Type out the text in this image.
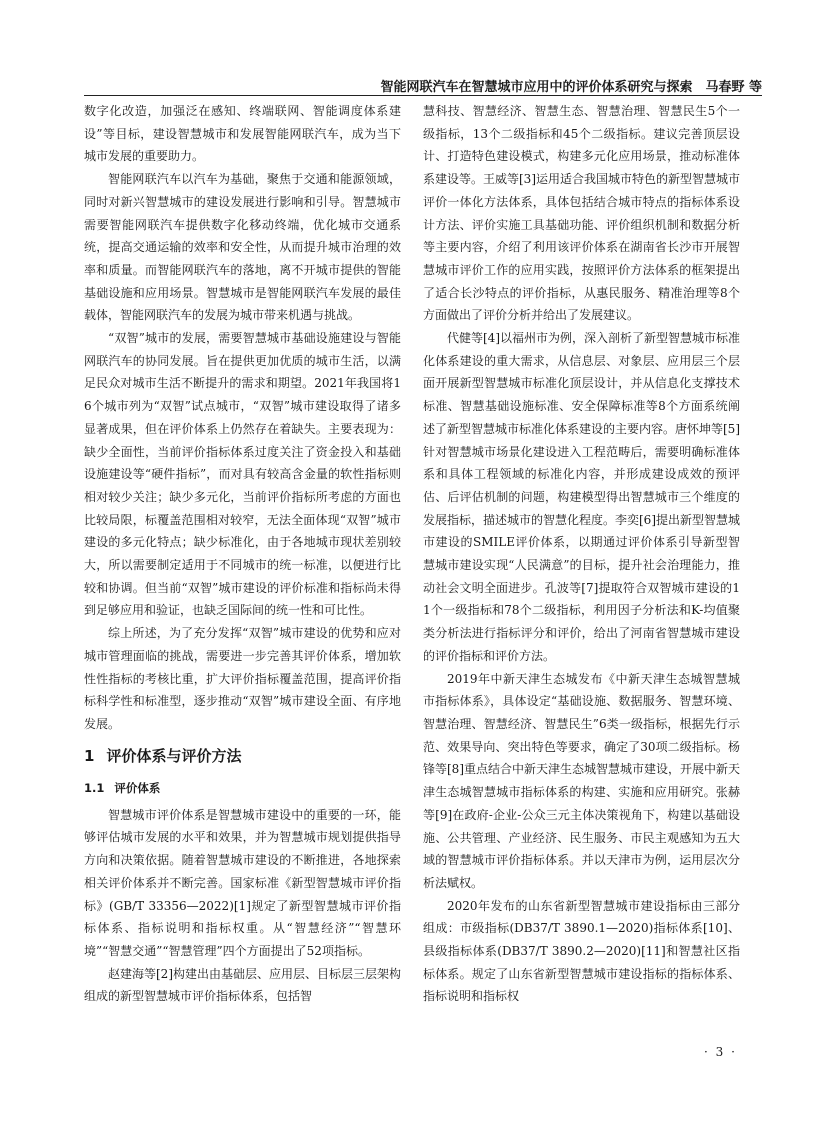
智能网联汽车在智慧城市应用中的评价体系研究与探索　马春野 等

数字化改造，加强泛在感知、终端联网、智能调度体系建设”等目标，建设智慧城市和发展智能网联汽车，成为当下城市发展的重要助力。

智能网联汽车以汽车为基础，聚焦于交通和能源领域，同时对新兴智慧城市的建设发展进行影响和引导。智慧城市需要智能网联汽车提供数字化移动终端，优化城市交通系统，提高交通运输的效率和安全性，从而提升城市治理的效率和质量。而智能网联汽车的落地，离不开城市提供的智能基础设施和应用场景。智慧城市是智能网联汽车发展的最佳载体，智能网联汽车的发展为城市带来机遇与挑战。

“双智”城市的发展，需要智慧城市基础设施建设与智能网联汽车的协同发展。旨在提供更加优质的城市生活，以满足民众对城市生活不断提升的需求和期望。2021年我国将16个城市列为“双智”试点城市，“双智”城市建设取得了诸多显著成果，但在评价体系上仍然存在着缺失。主要表现为：缺少全面性，当前评价指标体系过度关注了资金投入和基础设施建设等“硬件指标”，而对具有较高含金量的软性指标则相对较少关注；缺少多元化，当前评价指标所考虑的方面也比较局限，标覆盖范围相对较窄，无法全面体现“双智”城市建设的多元化特点；缺少标准化，由于各地城市现状差别较大，所以需要制定适用于不同城市的统一标准，以便进行比较和协调。但当前“双智”城市建设的评价标准和指标尚未得到足够应用和验证，也缺乏国际间的统一性和可比性。

综上所述，为了充分发挥“双智”城市建设的优势和应对城市管理面临的挑战，需要进一步完善其评价体系，增加软性性指标的考核比重，扩大评价指标覆盖范围，提高评价指标科学性和标准型，逐步推动“双智”城市建设全面、有序地发展。

1 评价体系与评价方法
1.1 评价体系

智慧城市评价体系是智慧城市建设中的重要的一环，能够评估城市发展的水平和效果，并为智慧城市规划提供指导方向和决策依据。随着智慧城市建设的不断推进，各地探索相关评价体系并不断完善。国家标准《新型智慧城市评价指标》(GB/T 33356—2022)[1]规定了新型智慧城市评价指标体系、指标说明和指标权重。从“智慧经济”“智慧环境”“智慧交通”“智慧管理”四个方面提出了52项指标。

赵建海等[2]构建出由基础层、应用层、目标层三层架构组成的新型智慧城市评价指标体系，包括智

慧科技、智慧经济、智慧生态、智慧治理、智慧民生5个一级指标，13个二级指标和45个二级指标。建议完善顶层设计、打造特色建设模式，构建多元化应用场景，推动标准体系建设等。王威等[3]运用适合我国城市特色的新型智慧城市评价一体化方法体系，具体包括结合城市特点的指标体系设计方法、评价实施工具基础功能、评价组织机制和数据分析等主要内容，介绍了利用该评价体系在湖南省长沙市开展智慧城市评价工作的应用实践，按照评价方法体系的框架提出了适合长沙特点的评价指标，从惠民服务、精准治理等8个方面做出了评价分析并给出了发展建议。

代健等[4]以福州市为例，深入剖析了新型智慧城市标准化体系建设的重大需求，从信息层、对象层、应用层三个层面开展新型智慧城市标准化顶层设计，并从信息化支撑技术标准、智慧基础设施标准、安全保障标准等8个方面系统阐述了新型智慧城市标准化体系建设的主要内容。唐怀坤等[5]针对智慧城市场景化建设进入工程范畴后，需要明确标准体系和具体工程领域的标准化内容，并形成建设成效的预评估、后评估机制的问题，构建模型得出智慧城市三个维度的发展指标，描述城市的智慧化程度。李奕[6]提出新型智慧城市建设的SMILE评价体系，以期通过评价体系引导新型智慧城市建设实现“人民满意”的目标，提升社会治理能力，推动社会文明全面进步。孔波等[7]提取符合双智城市建设的11个一级指标和78个二级指标，利用因子分析法和K-均值聚类分析法进行指标评分和评价，给出了河南省智慧城市建设的评价指标和评价方法。

2019年中新天津生态城发布《中新天津生态城智慧城市指标体系》，具体设定“基础设施、数据服务、智慧环境、智慧治理、智慧经济、智慧民生”6类一级指标，根据先行示范、效果导向、突出特色等要求，确定了30项二级指标。杨锋等[8]重点结合中新天津生态城智慧城市建设，开展中新天津生态城智慧城市指标体系的构建、实施和应用研究。张赫等[9]在政府-企业-公众三元主体决策视角下，构建以基础设施、公共管理、产业经济、民生服务、市民主观感知为五大域的智慧城市评价指标体系。并以天津市为例，运用层次分析法赋权。

2020年发布的山东省新型智慧城市建设指标由三部分组成：市级指标(DB37/T 3890.1—2020)指标体系[10]、县级指标体系(DB37/T 3890.2—2020)[11]和智慧社区指标体系。规定了山东省新型智慧城市建设指标的指标体系、指标说明和指标权

· 3 ·
